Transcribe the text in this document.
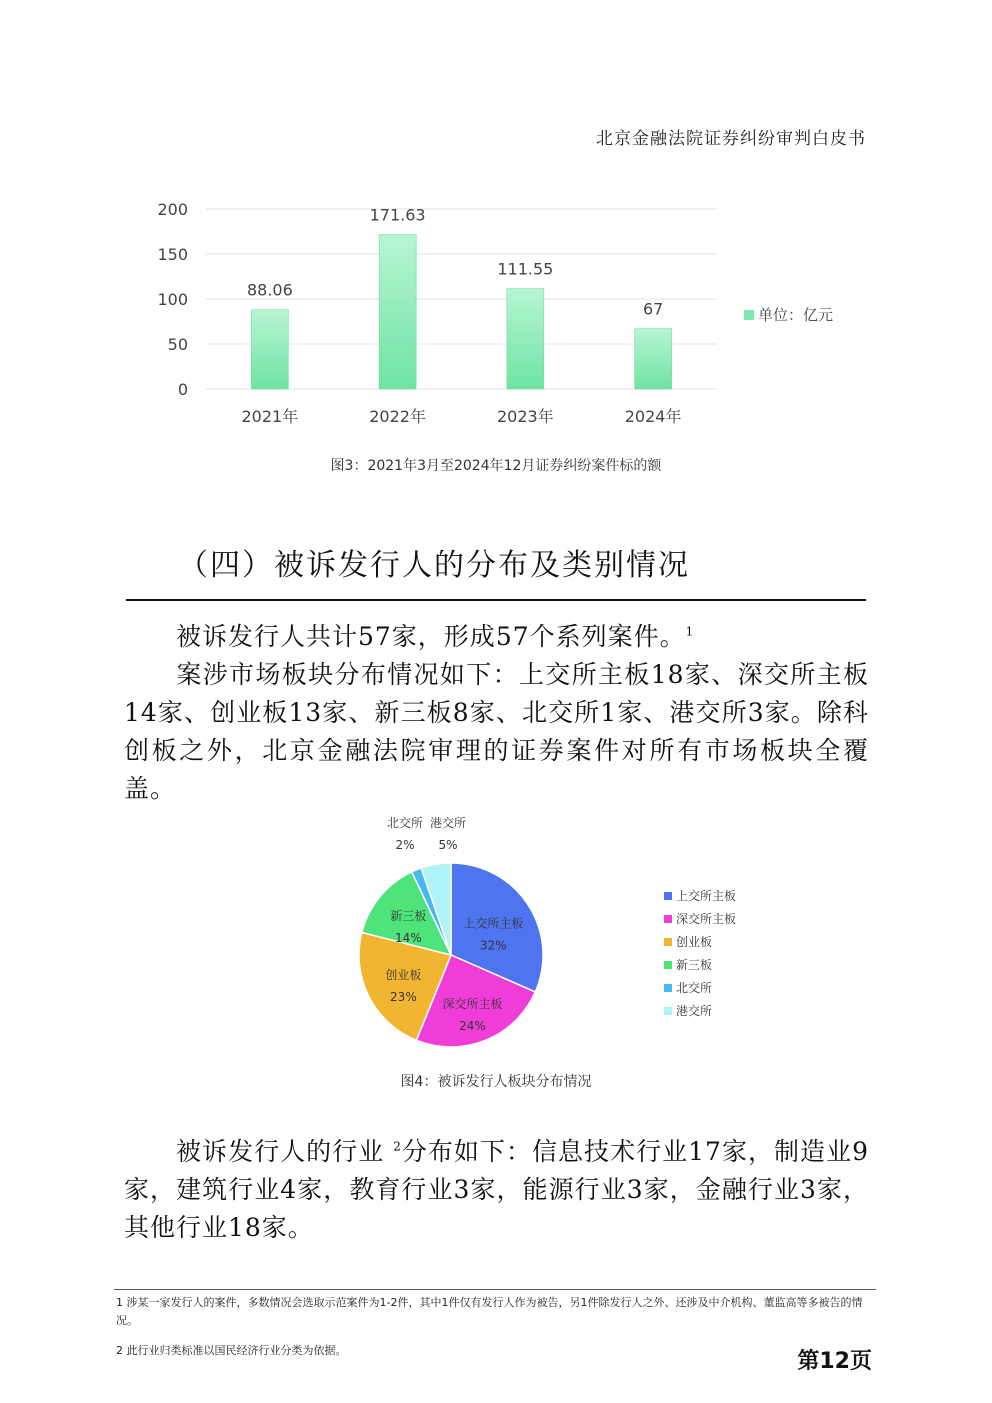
北京金融法院证券纠纷审判白皮书
0
50
100
150
200
88.06
171.63
111.55
67
2021年	2022年	2023年	2024年
单位：亿元
图3：2021年3月至2024年12月证券纠纷案件标的额
（四）被诉发行人的分布及类别情况

被诉发行人共计57家，形成57个系列案件。$^1$

案涉市场板块分布情况如下：上交所主板18家、深交所主板14家、创业板13家、新三板8家、北交所1家、港交所3家。除科创板之外，北京金融法院审理的证券案件对所有市场板块全覆盖。

上交所主板
32%
深交所主板
24%
创业板
23%
新三板
14%
北交所
2%
港交所
5%
上交所主板
深交所主板
创业板
新三板
北交所
港交所
图4：被诉发行人板块分布情况

被诉发行人的行业 $^2$分布如下：信息技术行业17家，制造业9家，建筑行业4家，教育行业3家，能源行业3家，金融行业3家，其他行业18家。

1 涉某一家发行人的案件，多数情况会选取示范案件为1-2件，其中1件仅有发行人作为被告，另1件除发行人之外、还涉及中介机构、董监高等多被告的情况。
2 此行业归类标准以国民经济行业分类为依据。	第12页
